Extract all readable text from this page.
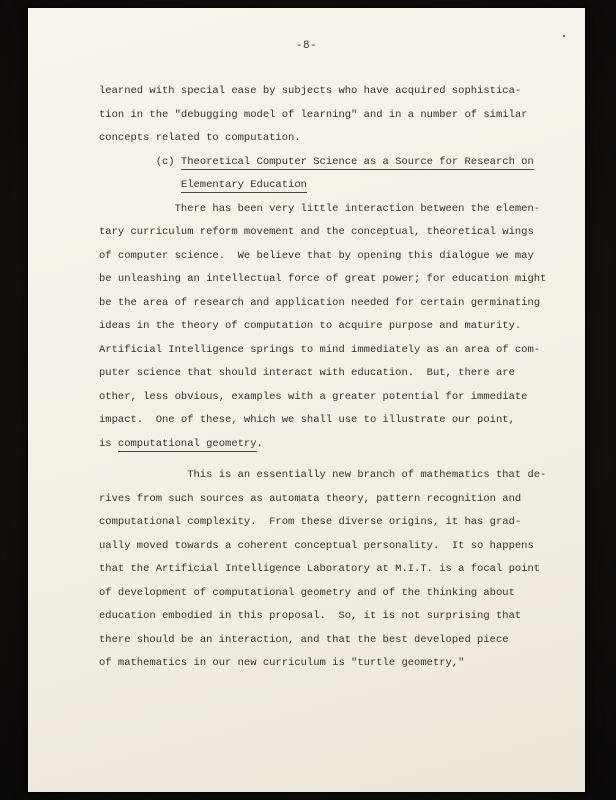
-8-
learned with special ease by subjects who have acquired sophistica-
tion in the "debugging model of learning" and in a number of similar
concepts related to computation.
(c) Theoretical Computer Science as a Source for Research on
Elementary Education
There has been very little interaction between the elemen-
tary curriculum reform movement and the conceptual, theoretical wings
of computer science.  We believe that by opening this dialogue we may
be unleashing an intellectual force of great power; for education might
be the area of research and application needed for certain germinating
ideas in the theory of computation to acquire purpose and maturity.
Artificial Intelligence springs to mind immediately as an area of com-
puter science that should interact with education.  But, there are
other, less obvious, examples with a greater potential for immediate
impact.  One of these, which we shall use to illustrate our point,
is computational geometry.
This is an essentially new branch of mathematics that de-
rives from such sources as automata theory, pattern recognition and
computational complexity.  From these diverse origins, it has grad-
ually moved towards a coherent conceptual personality.  It so happens
that the Artificial Intelligence Laboratory at M.I.T. is a focal point
of development of computational geometry and of the thinking about
education embodied in this proposal.  So, it is not surprising that
there should be an interaction, and that the best developed piece
of mathematics in our new curriculum is "turtle geometry,"
